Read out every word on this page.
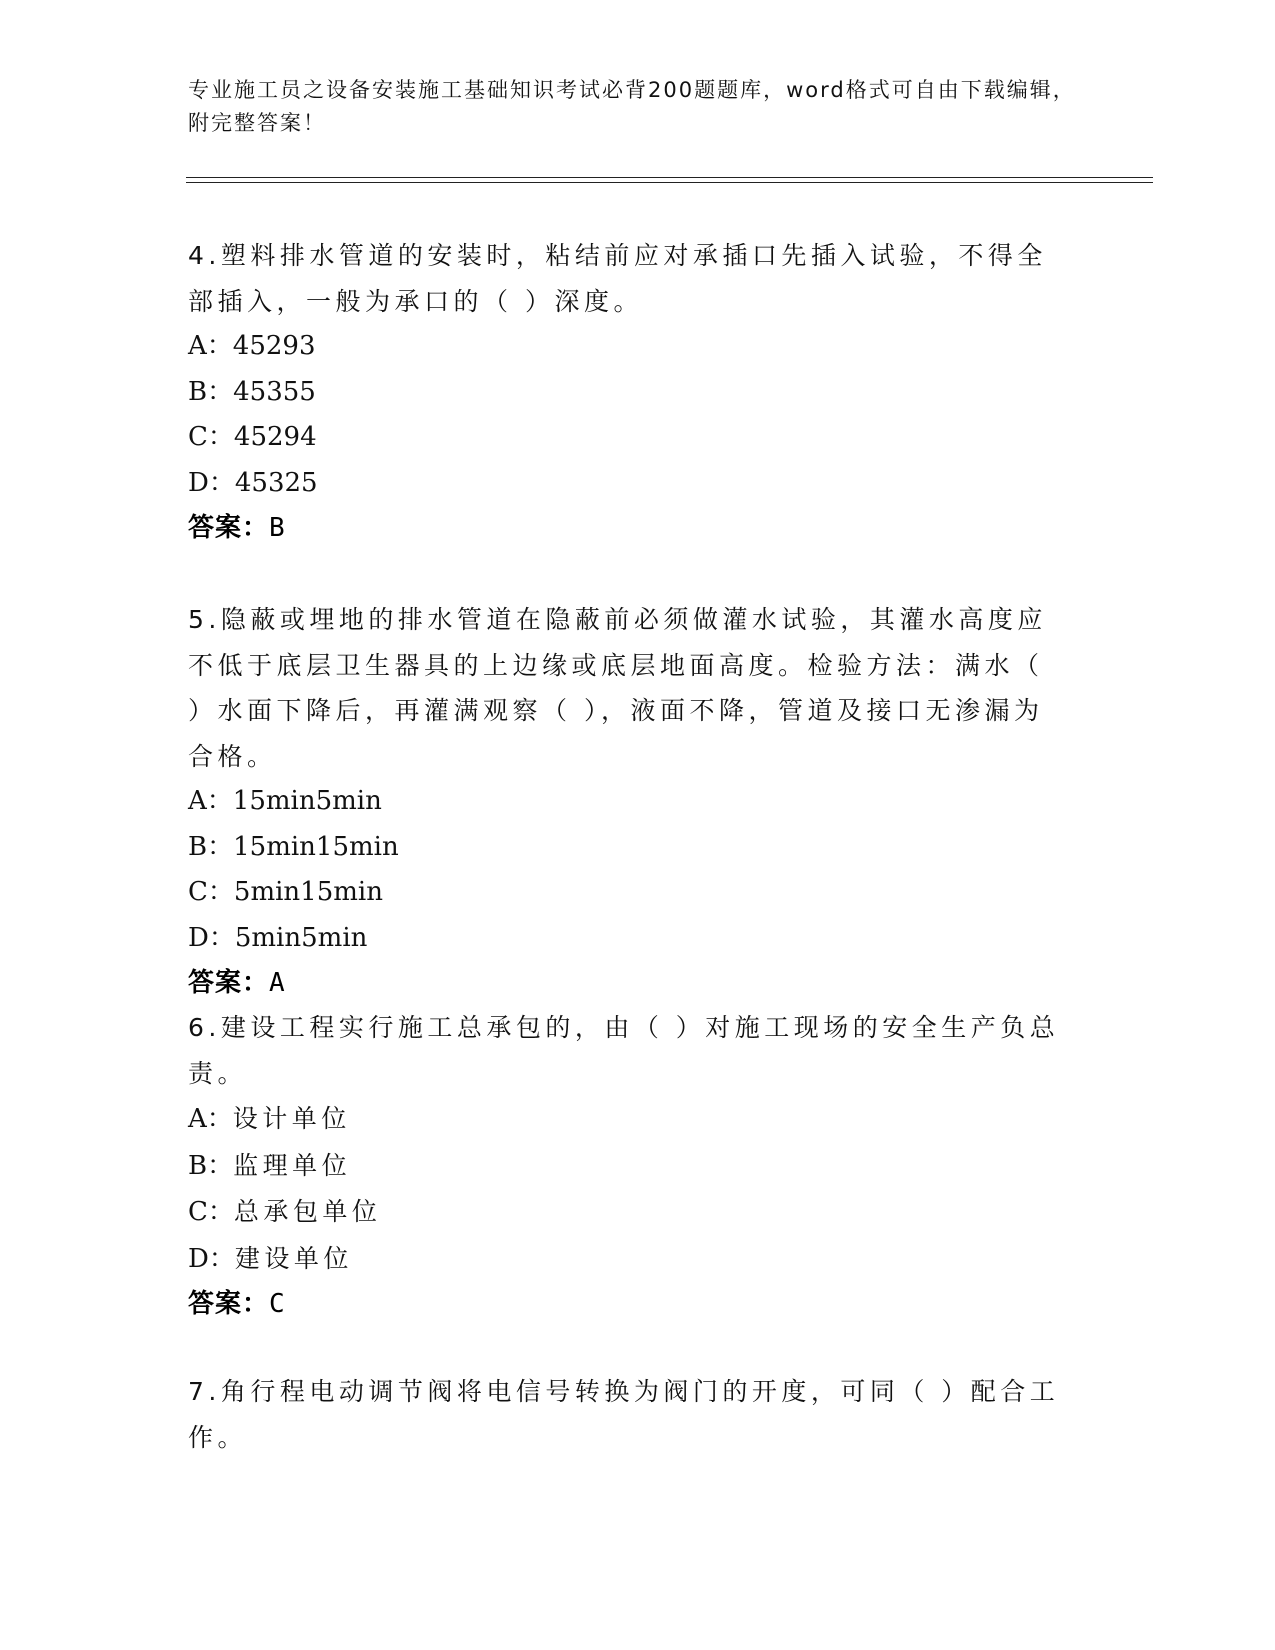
专业施工员之设备安装施工基础知识考试必背200题题库，word格式可自由下载编辑，附完整答案！

4.塑料排水管道的安装时，粘结前应对承插口先插入试验，不得全部插入，一般为承口的（ ）深度。

A：45293

B：45355

C：45294

D：45325

答案：B

5.隐蔽或埋地的排水管道在隐蔽前必须做灌水试验，其灌水高度应不低于底层卫生器具的上边缘或底层地面高度。检验方法：满水（ ）水面下降后，再灌满观察（ ），液面不降，管道及接口无渗漏为合格。

A：15min5min

B：15min15min

C：5min15min

D：5min5min

答案：A

6.建设工程实行施工总承包的，由（ ）对施工现场的安全生产负总责。

A：设计单位

B：监理单位

C：总承包单位

D：建设单位

答案：C

7.角行程电动调节阀将电信号转换为阀门的开度，可同（ ）配合工作。
